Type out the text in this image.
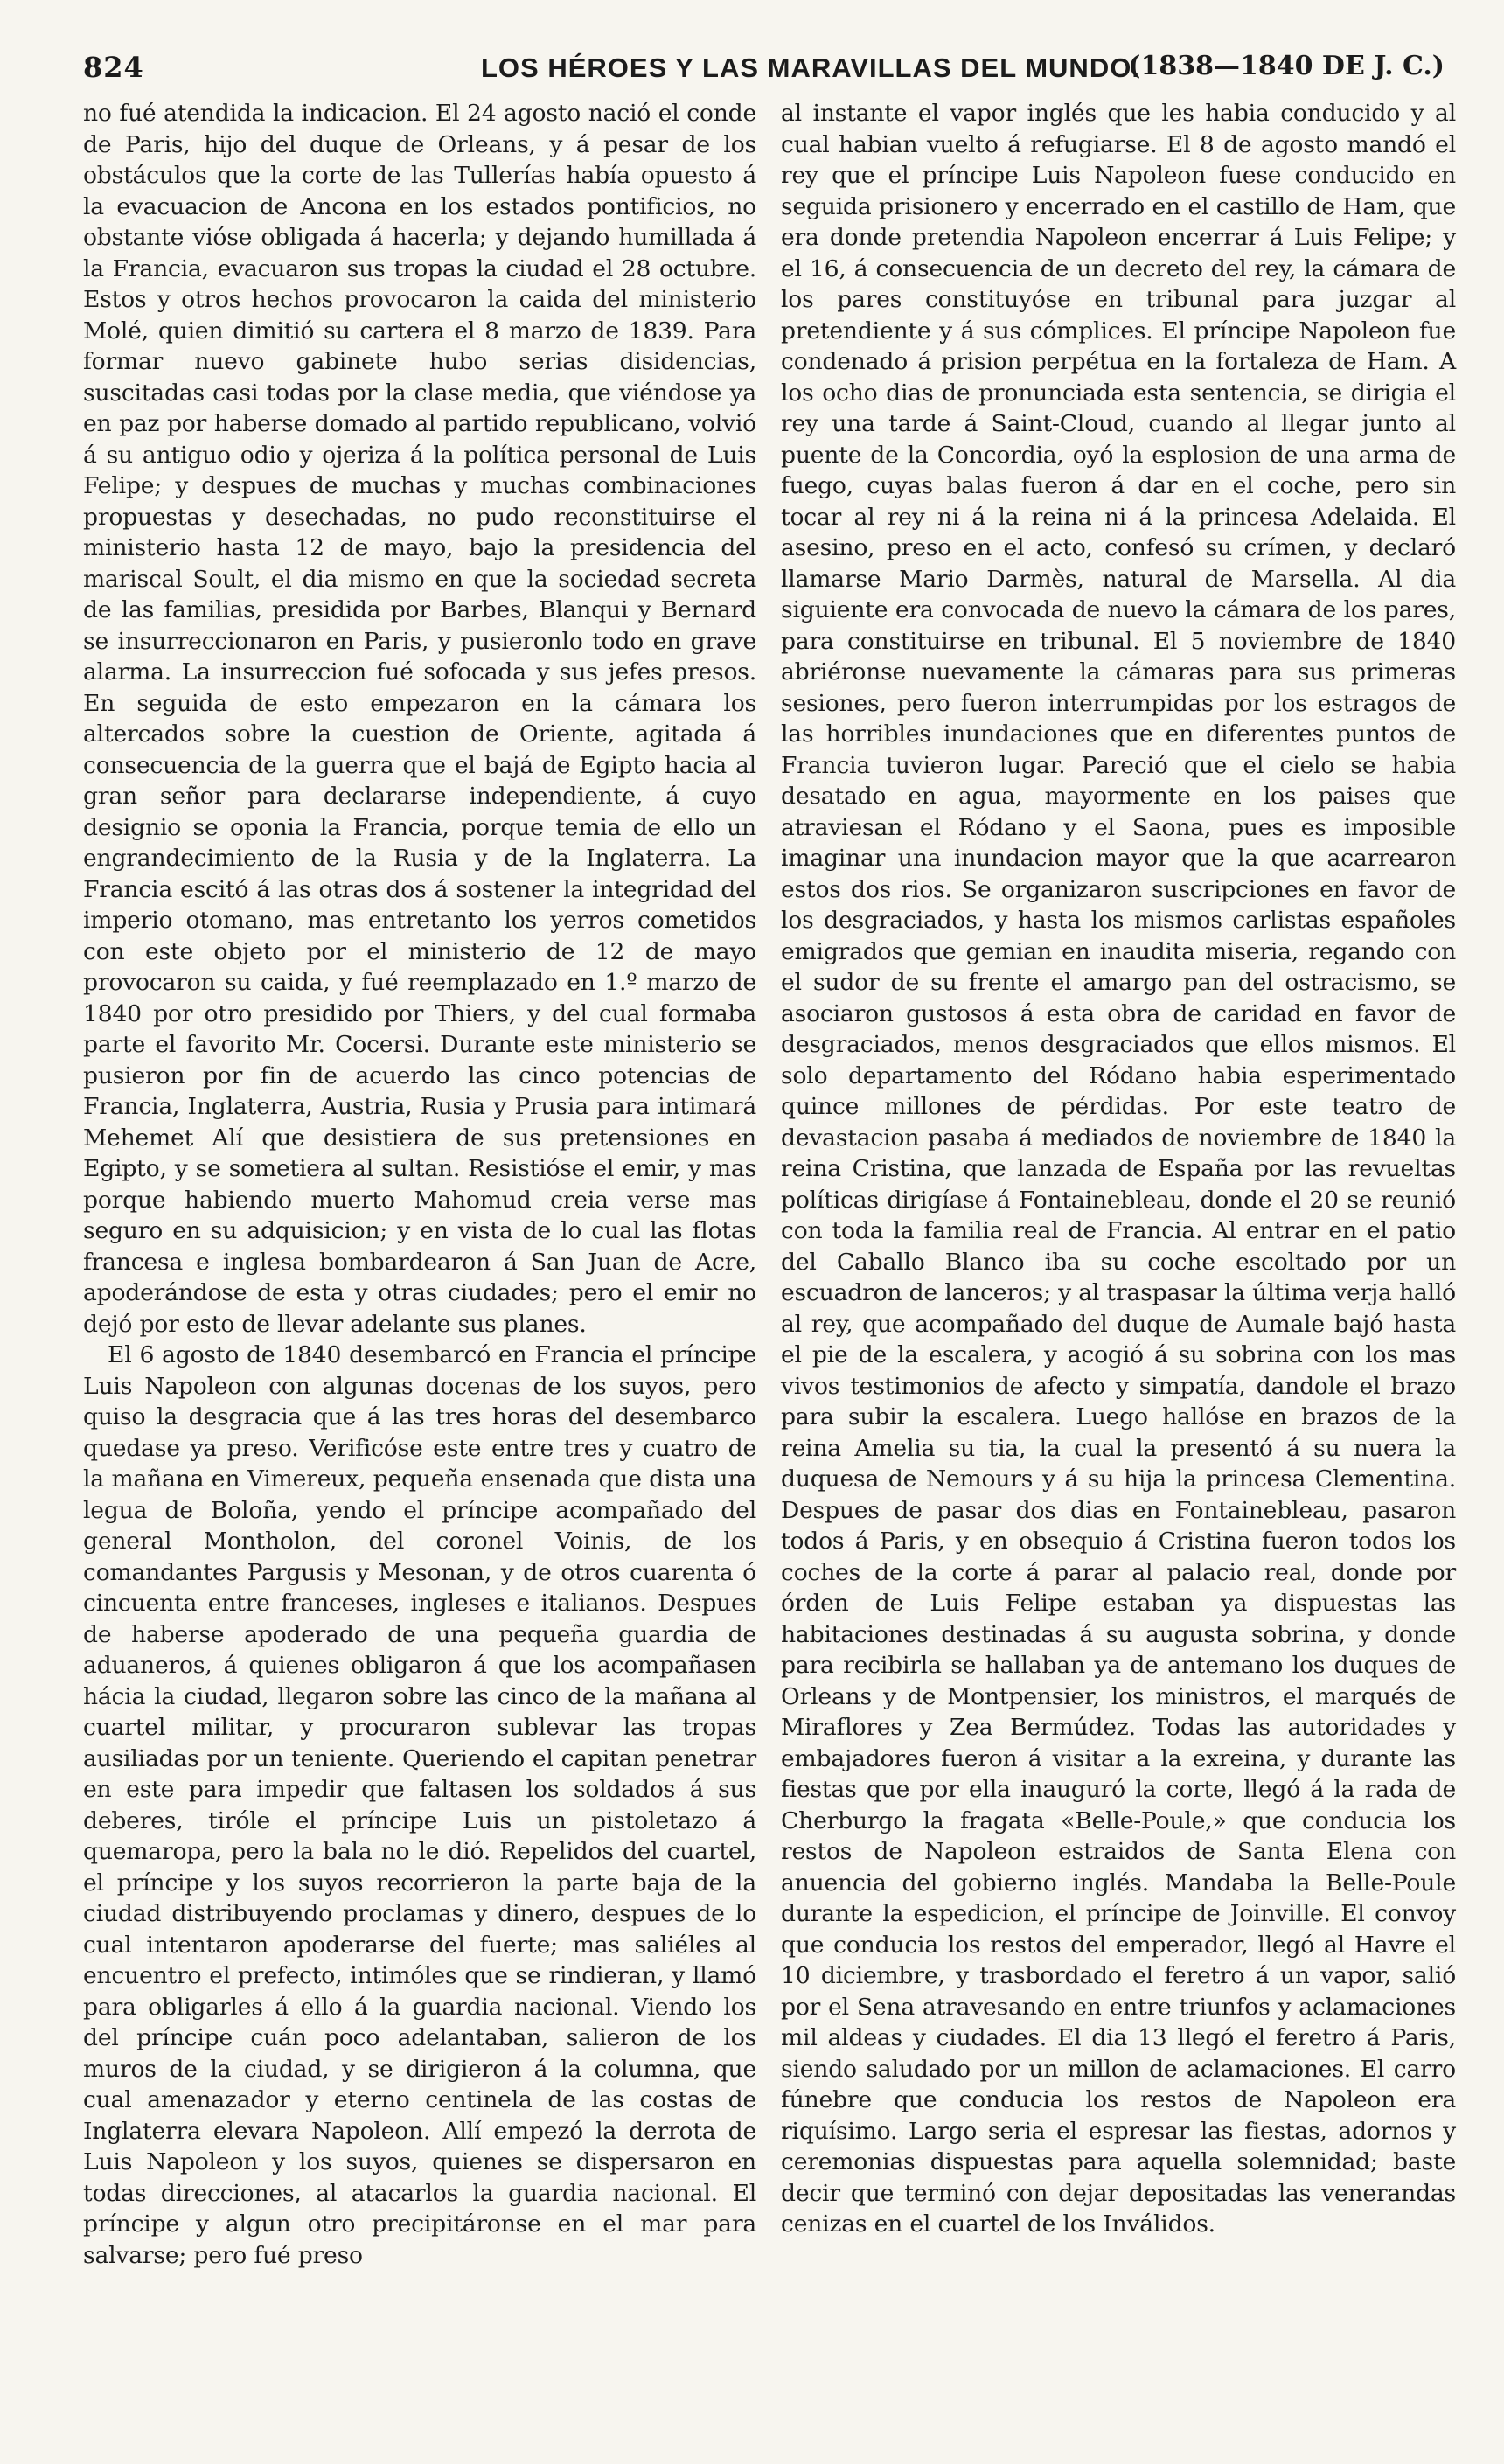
824	LOS HÉROES Y LAS MARAVILLAS DEL MUNDO.
(1838—1840 DE J. C.)

no fué atendida la indicacion. El 24 agosto nació el conde de Paris, hijo del duque de Orleans, y á pesar de los obstáculos que la corte de las Tullerías había opuesto á la evacuacion de Ancona en los estados pontificios, no obstante vióse obligada á hacerla; y dejando humillada á la Francia, evacuaron sus tropas la ciudad el 28 octubre. Estos y otros hechos provocaron la caida del ministerio Molé, quien dimitió su cartera el 8 marzo de 1839. Para formar nuevo gabinete hubo serias disidencias, suscitadas casi todas por la clase media, que viéndose ya en paz por haberse domado al partido republicano, volvió á su antiguo odio y ojeriza á la política personal de Luis Felipe; y despues de muchas y muchas combinaciones propuestas y desechadas, no pudo reconstituirse el ministerio hasta 12 de mayo, bajo la presidencia del mariscal Soult, el dia mismo en que la sociedad secreta de las familias, presidida por Barbes, Blanqui y Bernard se insurreccionaron en Paris, y pusieronlo todo en grave alarma. La insurreccion fué sofocada y sus jefes presos. En seguida de esto empezaron en la cámara los altercados sobre la cuestion de Oriente, agitada á consecuencia de la guerra que el bajá de Egipto hacia al gran señor para declararse independiente, á cuyo designio se oponia la Francia, porque temia de ello un engrandecimiento de la Rusia y de la Inglaterra. La Francia escitó á las otras dos á sostener la integridad del imperio otomano, mas entretanto los yerros cometidos con este objeto por el ministerio de 12 de mayo provocaron su caida, y fué reemplazado en 1.º marzo de 1840 por otro presidido por Thiers, y del cual formaba parte el favorito Mr. Cocersi. Durante este ministerio se pusieron por fin de acuerdo las cinco potencias de Francia, Inglaterra, Austria, Rusia y Prusia para intimará Mehemet Alí que desistiera de sus pretensiones en Egipto, y se sometiera al sultan. Resistióse el emir, y mas porque habiendo muerto Mahomud creia verse mas seguro en su adquisicion; y en vista de lo cual las flotas francesa e inglesa bombardearon á San Juan de Acre, apoderándose de esta y otras ciudades; pero el emir no dejó por esto de llevar adelante sus planes.

El 6 agosto de 1840 desembarcó en Francia el príncipe Luis Napoleon con algunas docenas de los suyos, pero quiso la desgracia que á las tres horas del desembarco quedase ya preso. Verificóse este entre tres y cuatro de la mañana en Vimereux, pequeña ensenada que dista una legua de Boloña, yendo el príncipe acompañado del general Montholon, del coronel Voinis, de los comandantes Pargusis y Mesonan, y de otros cuarenta ó cincuenta entre franceses, ingleses e italianos. Despues de haberse apoderado de una pequeña guardia de aduaneros, á quienes obligaron á que los acompañasen hácia la ciudad, llegaron sobre las cinco de la mañana al cuartel militar, y procuraron sublevar las tropas ausiliadas por un teniente. Queriendo el capitan penetrar en este para impedir que faltasen los soldados á sus deberes, tiróle el príncipe Luis un pistoletazo á quemaropa, pero la bala no le dió. Repelidos del cuartel, el príncipe y los suyos recorrieron la parte baja de la ciudad distribuyendo proclamas y dinero, despues de lo cual intentaron apoderarse del fuerte; mas saliéles al encuentro el prefecto, intimóles que se rindieran, y llamó para obligarles á ello á la guardia nacional. Viendo los del príncipe cuán poco adelantaban, salieron de los muros de la ciudad, y se dirigieron á la columna, que cual amenazador y eterno centinela de las costas de Inglaterra elevara Napoleon. Allí empezó la derrota de Luis Napoleon y los suyos, quienes se dispersaron en todas direcciones, al atacarlos la guardia nacional. El príncipe y algun otro precipitáronse en el mar para salvarse; pero fué preso

al instante el vapor inglés que les habia conducido y al cual habian vuelto á refugiarse. El 8 de agosto mandó el rey que el príncipe Luis Napoleon fuese conducido en seguida prisionero y encerrado en el castillo de Ham, que era donde pretendia Napoleon encerrar á Luis Felipe; y el 16, á consecuencia de un decreto del rey, la cámara de los pares constituyóse en tribunal para juzgar al pretendiente y á sus cómplices. El príncipe Napoleon fue condenado á prision perpétua en la fortaleza de Ham. A los ocho dias de pronunciada esta sentencia, se dirigia el rey una tarde á Saint-Cloud, cuando al llegar junto al puente de la Concordia, oyó la esplosion de una arma de fuego, cuyas balas fueron á dar en el coche, pero sin tocar al rey ni á la reina ni á la princesa Adelaida. El asesino, preso en el acto, confesó su crímen, y declaró llamarse Mario Darmès, natural de Marsella. Al dia siguiente era convocada de nuevo la cámara de los pares, para constituirse en tribunal. El 5 noviembre de 1840 abriéronse nuevamente la cámaras para sus primeras sesiones, pero fueron interrumpidas por los estragos de las horribles inundaciones que en diferentes puntos de Francia tuvieron lugar. Pareció que el cielo se habia desatado en agua, mayormente en los paises que atraviesan el Ródano y el Saona, pues es imposible imaginar una inundacion mayor que la que acarrearon estos dos rios. Se organizaron suscripciones en favor de los desgraciados, y hasta los mismos carlistas españoles emigrados que gemian en inaudita miseria, regando con el sudor de su frente el amargo pan del ostracismo, se asociaron gustosos á esta obra de caridad en favor de desgraciados, menos desgraciados que ellos mismos. El solo departamento del Ródano habia esperimentado quince millones de pérdidas. Por este teatro de devastacion pasaba á mediados de noviembre de 1840 la reina Cristina, que lanzada de España por las revueltas políticas dirigíase á Fontainebleau, donde el 20 se reunió con toda la familia real de Francia. Al entrar en el patio del Caballo Blanco iba su coche escoltado por un escuadron de lanceros; y al traspasar la última verja halló al rey, que acompañado del duque de Aumale bajó hasta el pie de la escalera, y acogió á su sobrina con los mas vivos testimonios de afecto y simpatía, dandole el brazo para subir la escalera. Luego hallóse en brazos de la reina Amelia su tia, la cual la presentó á su nuera la duquesa de Nemours y á su hija la princesa Clementina. Despues de pasar dos dias en Fontainebleau, pasaron todos á Paris, y en obsequio á Cristina fueron todos los coches de la corte á parar al palacio real, donde por órden de Luis Felipe estaban ya dispuestas las habitaciones destinadas á su augusta sobrina, y donde para recibirla se hallaban ya de antemano los duques de Orleans y de Montpensier, los ministros, el marqués de Miraflores y Zea Bermúdez. Todas las autoridades y embajadores fueron á visitar a la exreina, y durante las fiestas que por ella inauguró la corte, llegó á la rada de Cherburgo la fragata «Belle-Poule,» que conducia los restos de Napoleon estraidos de Santa Elena con anuencia del gobierno inglés. Mandaba la Belle-Poule durante la espedicion, el príncipe de Joinville. El convoy que conducia los restos del emperador, llegó al Havre el 10 diciembre, y trasbordado el feretro á un vapor, salió por el Sena atravesando en entre triunfos y aclamaciones mil aldeas y ciudades. El dia 13 llegó el feretro á Paris, siendo saludado por un millon de aclamaciones. El carro fúnebre que conducia los restos de Napoleon era riquísimo. Largo seria el espresar las fiestas, adornos y ceremonias dispuestas para aquella solemnidad; baste decir que terminó con dejar depositadas las venerandas cenizas en el cuartel de los Inválidos.
